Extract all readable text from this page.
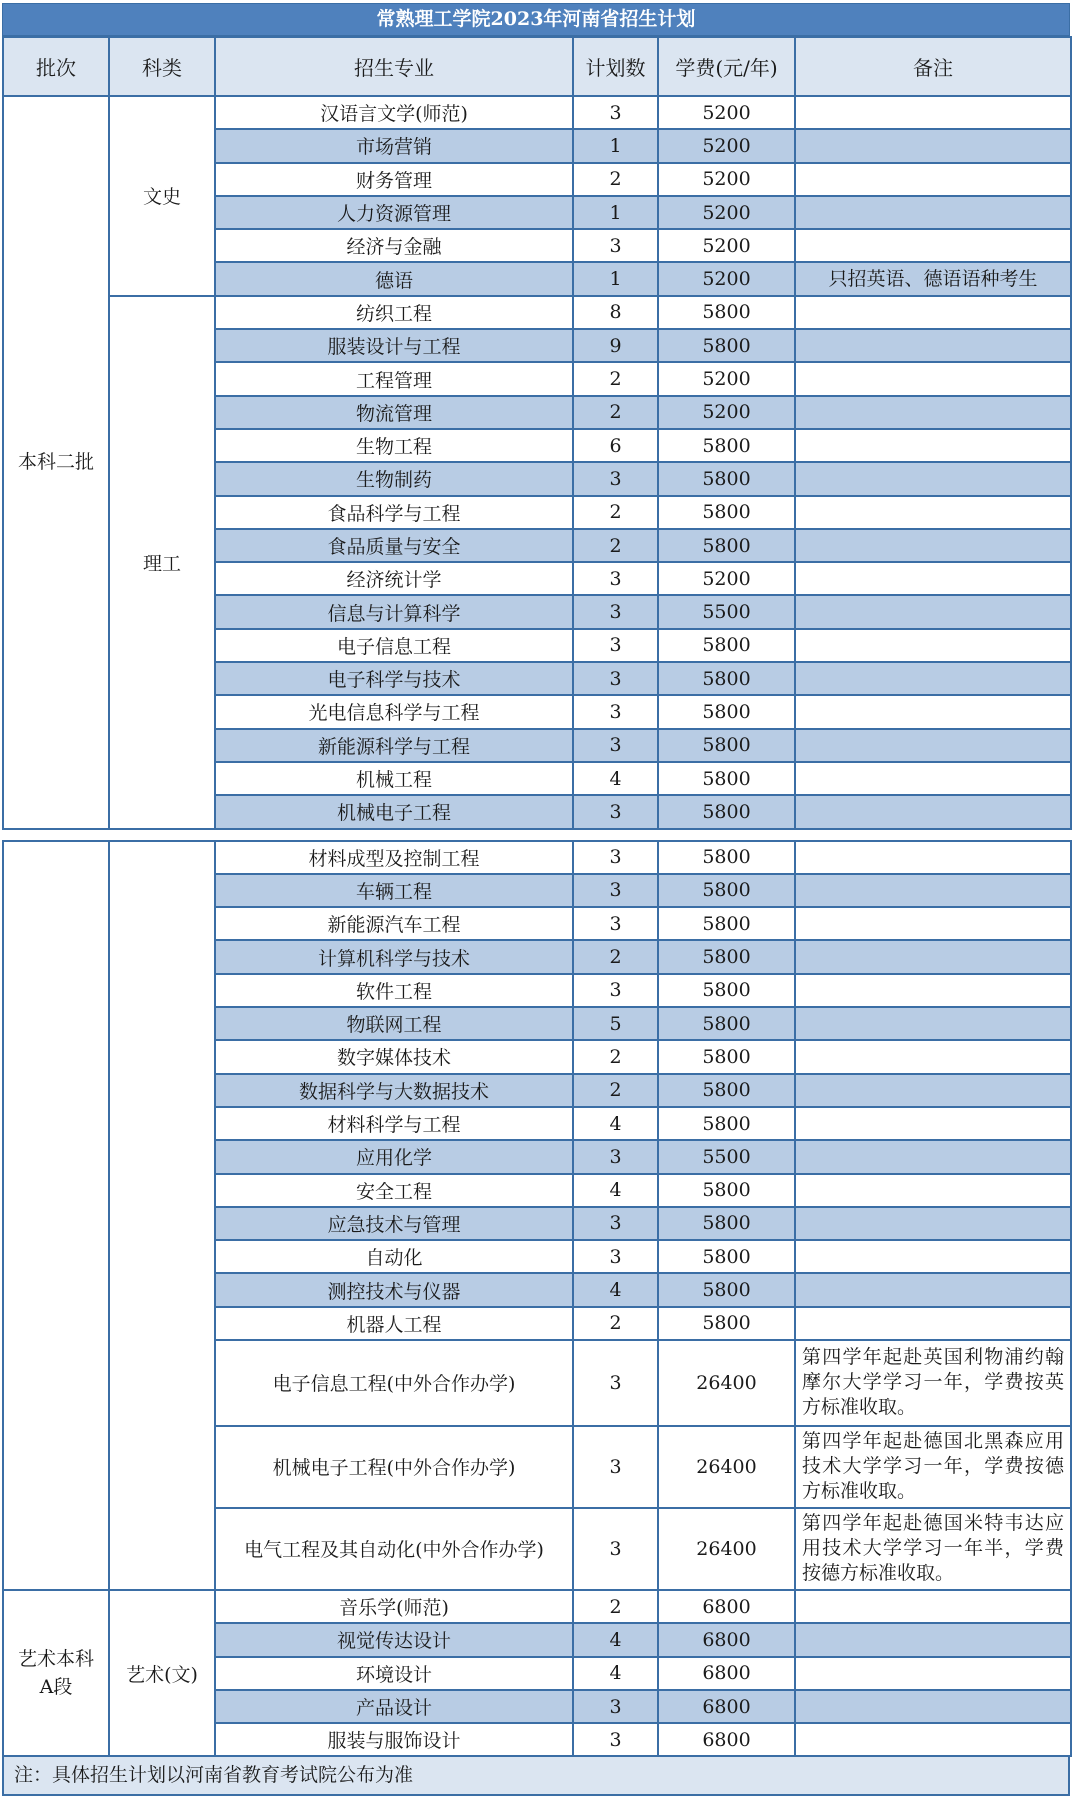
常熟理工学院2023年河南省招生计划
批次	科类	招生专业	计划数	学费(元/年)	备注
本科二批	文史	汉语言文学(师范)	3	5200	
		市场营销	1	5200	
		财务管理	2	5200	
		人力资源管理	1	5200	
		经济与金融	3	5200	
		德语	1	5200	只招英语、德语语种考生
	理工	纺织工程	8	5800	
		服装设计与工程	9	5800	
		工程管理	2	5200	
		物流管理	2	5200	
		生物工程	6	5800	
		生物制药	3	5800	
		食品科学与工程	2	5800	
		食品质量与安全	2	5800	
		经济统计学	3	5200	
		信息与计算科学	3	5500	
		电子信息工程	3	5800	
		电子科学与技术	3	5800	
		光电信息科学与工程	3	5800	
		新能源科学与工程	3	5800	
		机械工程	4	5800	
		机械电子工程	3	5800	
		材料成型及控制工程	3	5800	
		车辆工程	3	5800	
		新能源汽车工程	3	5800	
		计算机科学与技术	2	5800	
		软件工程	3	5800	
		物联网工程	5	5800	
		数字媒体技术	2	5800	
		数据科学与大数据技术	2	5800	
		材料科学与工程	4	5800	
		应用化学	3	5500	
		安全工程	4	5800	
		应急技术与管理	3	5800	
		自动化	3	5800	
		测控技术与仪器	4	5800	
		机器人工程	2	5800	
		电子信息工程(中外合作办学)	3	26400	第四学年起赴英国利物浦约翰摩尔大学学习一年，学费按英方标准收取。
		机械电子工程(中外合作办学)	3	26400	第四学年起赴德国北黑森应用技术大学学习一年，学费按德方标准收取。
		电气工程及其自动化(中外合作办学)	3	26400	第四学年起赴德国米特韦达应用技术大学学习一年半，学费按德方标准收取。
艺术本科A段	艺术(文)	音乐学(师范)	2	6800	
		视觉传达设计	4	6800	
		环境设计	4	6800	
		产品设计	3	6800	
		服装与服饰设计	3	6800	
注：具体招生计划以河南省教育考试院公布为准
